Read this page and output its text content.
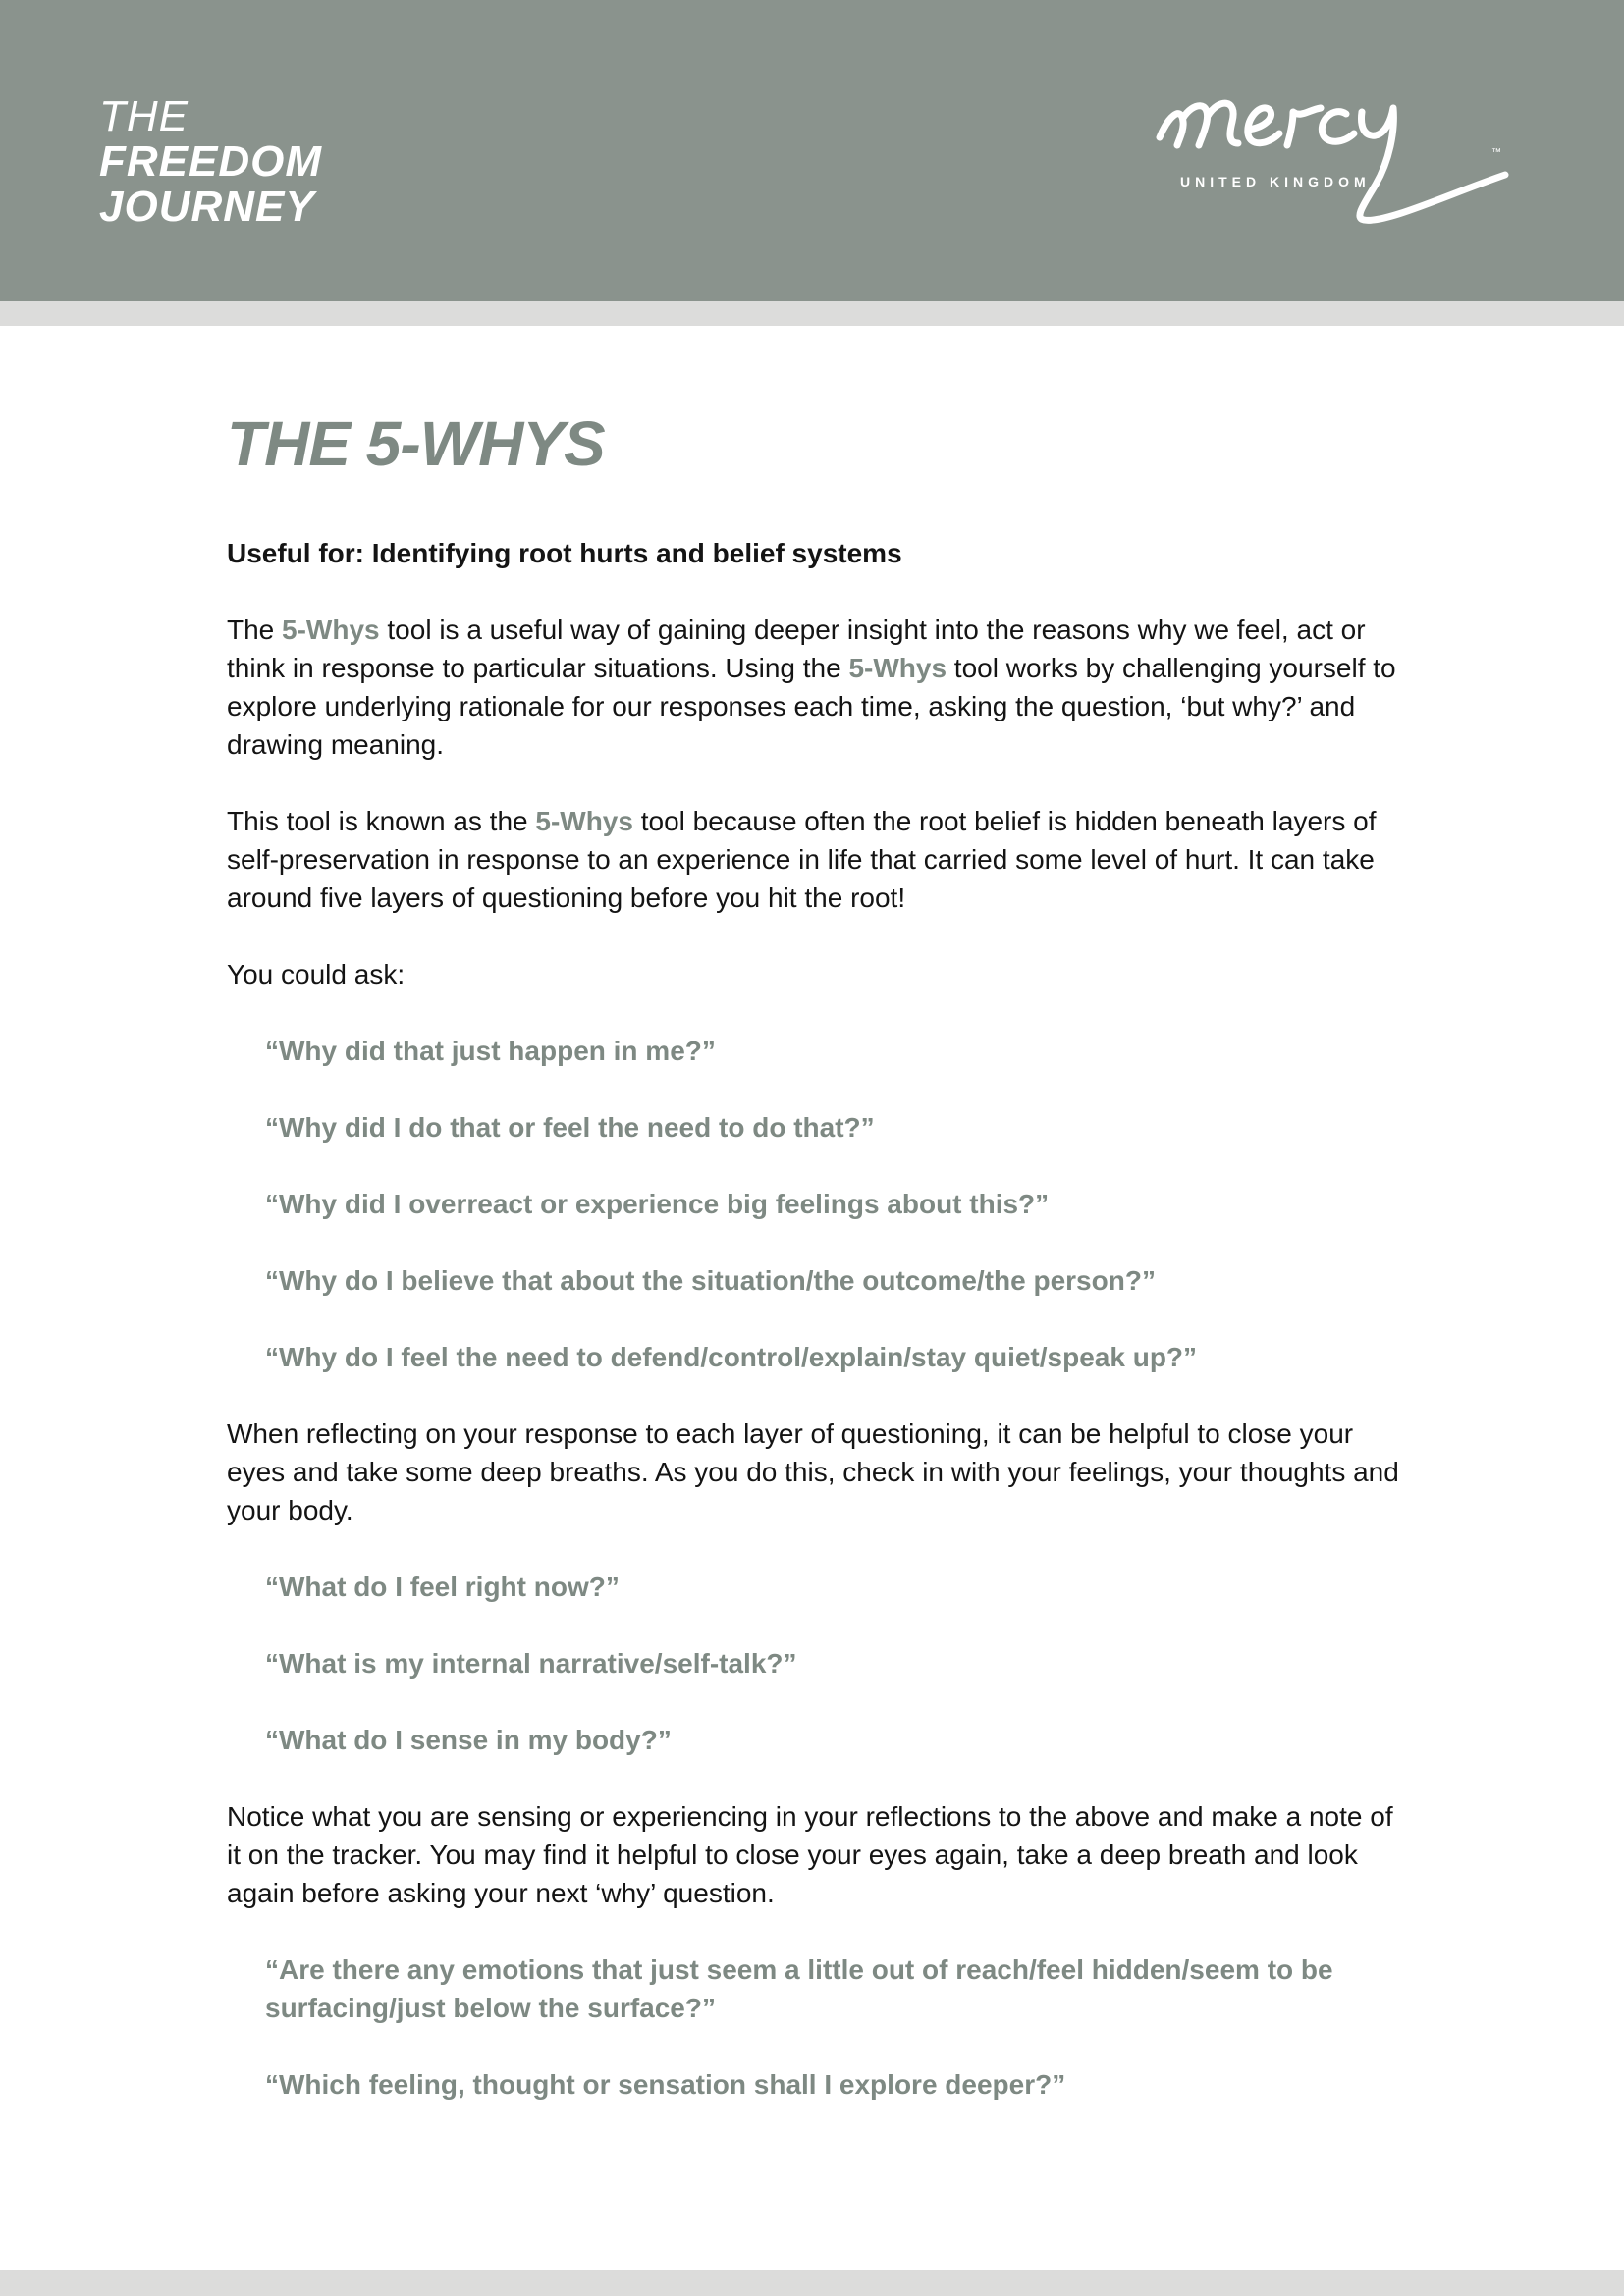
THE
FREEDOM
JOURNEY
UNITED KINGDOM
™
THE 5-WHYS
Useful for: Identifying root hurts and belief systems

The 5-Whys tool is a useful way of gaining deeper insight into the reasons why we feel, act or think in response to particular situations. Using the 5-Whys tool works by challenging yourself to explore underlying rationale for our responses each time, asking the question, ‘but why?’ and drawing meaning.

This tool is known as the 5-Whys tool because often the root belief is hidden beneath layers of self-preservation in response to an experience in life that carried some level of hurt. It can take around five layers of questioning before you hit the root!

You could ask:

“Why did that just happen in me?”
“Why did I do that or feel the need to do that?”
“Why did I overreact or experience big feelings about this?”
“Why do I believe that about the situation/the outcome/the person?”
“Why do I feel the need to defend/control/explain/stay quiet/speak up?”

When reflecting on your response to each layer of questioning, it can be helpful to close your eyes and take some deep breaths. As you do this, check in with your feelings, your thoughts and your body.

“What do I feel right now?”
“What is my internal narrative/self-talk?”
“What do I sense in my body?”

Notice what you are sensing or experiencing in your reflections to the above and make a note of it on the tracker. You may find it helpful to close your eyes again, take a deep breath and look again before asking your next ‘why’ question.

“Are there any emotions that just seem a little out of reach/feel hidden/seem to be surfacing/just below the surface?”
“Which feeling, thought or sensation shall I explore deeper?”
